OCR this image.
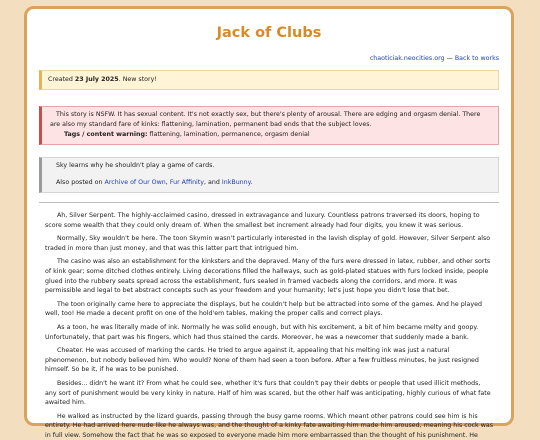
Jack of Clubs
chaoticiak.neocities.org — Back to works
Created 23 July 2025. New story!
This story is NSFW. It has sexual content. It's not exactly sex, but there's plenty of arousal. There are edging and orgasm denial. There are also my standard fare of kinks: flattening, lamination, permanent bad ends that the subject loves.
Tags / content warning: flattening, lamination, permanence, orgasm denial
Sky learns why he shouldn't play a game of cards.
Also posted on Archive of Our Own, Fur Affinity, and InkBunny.

Ah, Silver Serpent. The highly-acclaimed casino, dressed in extravagance and luxury. Countless patrons traversed its doors, hoping to score some wealth that they could only dream of. When the smallest bet increment already had four digits, you knew it was serious.

Normally, Sky wouldn't be here. The toon Skymin wasn't particularly interested in the lavish display of gold. However, Silver Serpent also traded in more than just money, and that was this latter part that intrigued him.

The casino was also an establishment for the kinksters and the depraved. Many of the furs were dressed in latex, rubber, and other sorts of kink gear; some ditched clothes entirely. Living decorations filled the hallways, such as gold-plated statues with furs locked inside, people glued into the rubbery seats spread across the establishment, furs sealed in framed vacbeds along the corridors, and more. It was permissible and legal to bet abstract concepts such as your freedom and your humanity; let's just hope you didn't lose that bet.

The toon originally came here to appreciate the displays, but he couldn't help but be attracted into some of the games. And he played well, too! He made a decent profit on one of the hold'em tables, making the proper calls and correct plays.

As a toon, he was literally made of ink. Normally he was solid enough, but with his excitement, a bit of him became melty and goopy. Unfortunately, that part was his fingers, which had thus stained the cards. Moreover, he was a newcomer that suddenly made a bank.

Cheater. He was accused of marking the cards. He tried to argue against it, appealing that his melting ink was just a natural phenomenon, but nobody believed him. Who would? None of them had seen a toon before. After a few fruitless minutes, he just resigned himself. So be it, if he was to be punished.

Besides... didn't he want it? From what he could see, whether it's furs that couldn't pay their debts or people that used illicit methods, any sort of punishment would be very kinky in nature. Half of him was scared, but the other half was anticipating, highly curious of what fate awaited him.

He walked as instructed by the lizard guards, passing through the busy game rooms. Which meant other patrons could see him is his entirety. He had arrived here nude like he always was, and the thought of a kinky fate awaiting him made him aroused, meaning his cock was in full view. Somehow the fact that he was so exposed to everyone made him more embarrassed than the thought of his punishment. He
